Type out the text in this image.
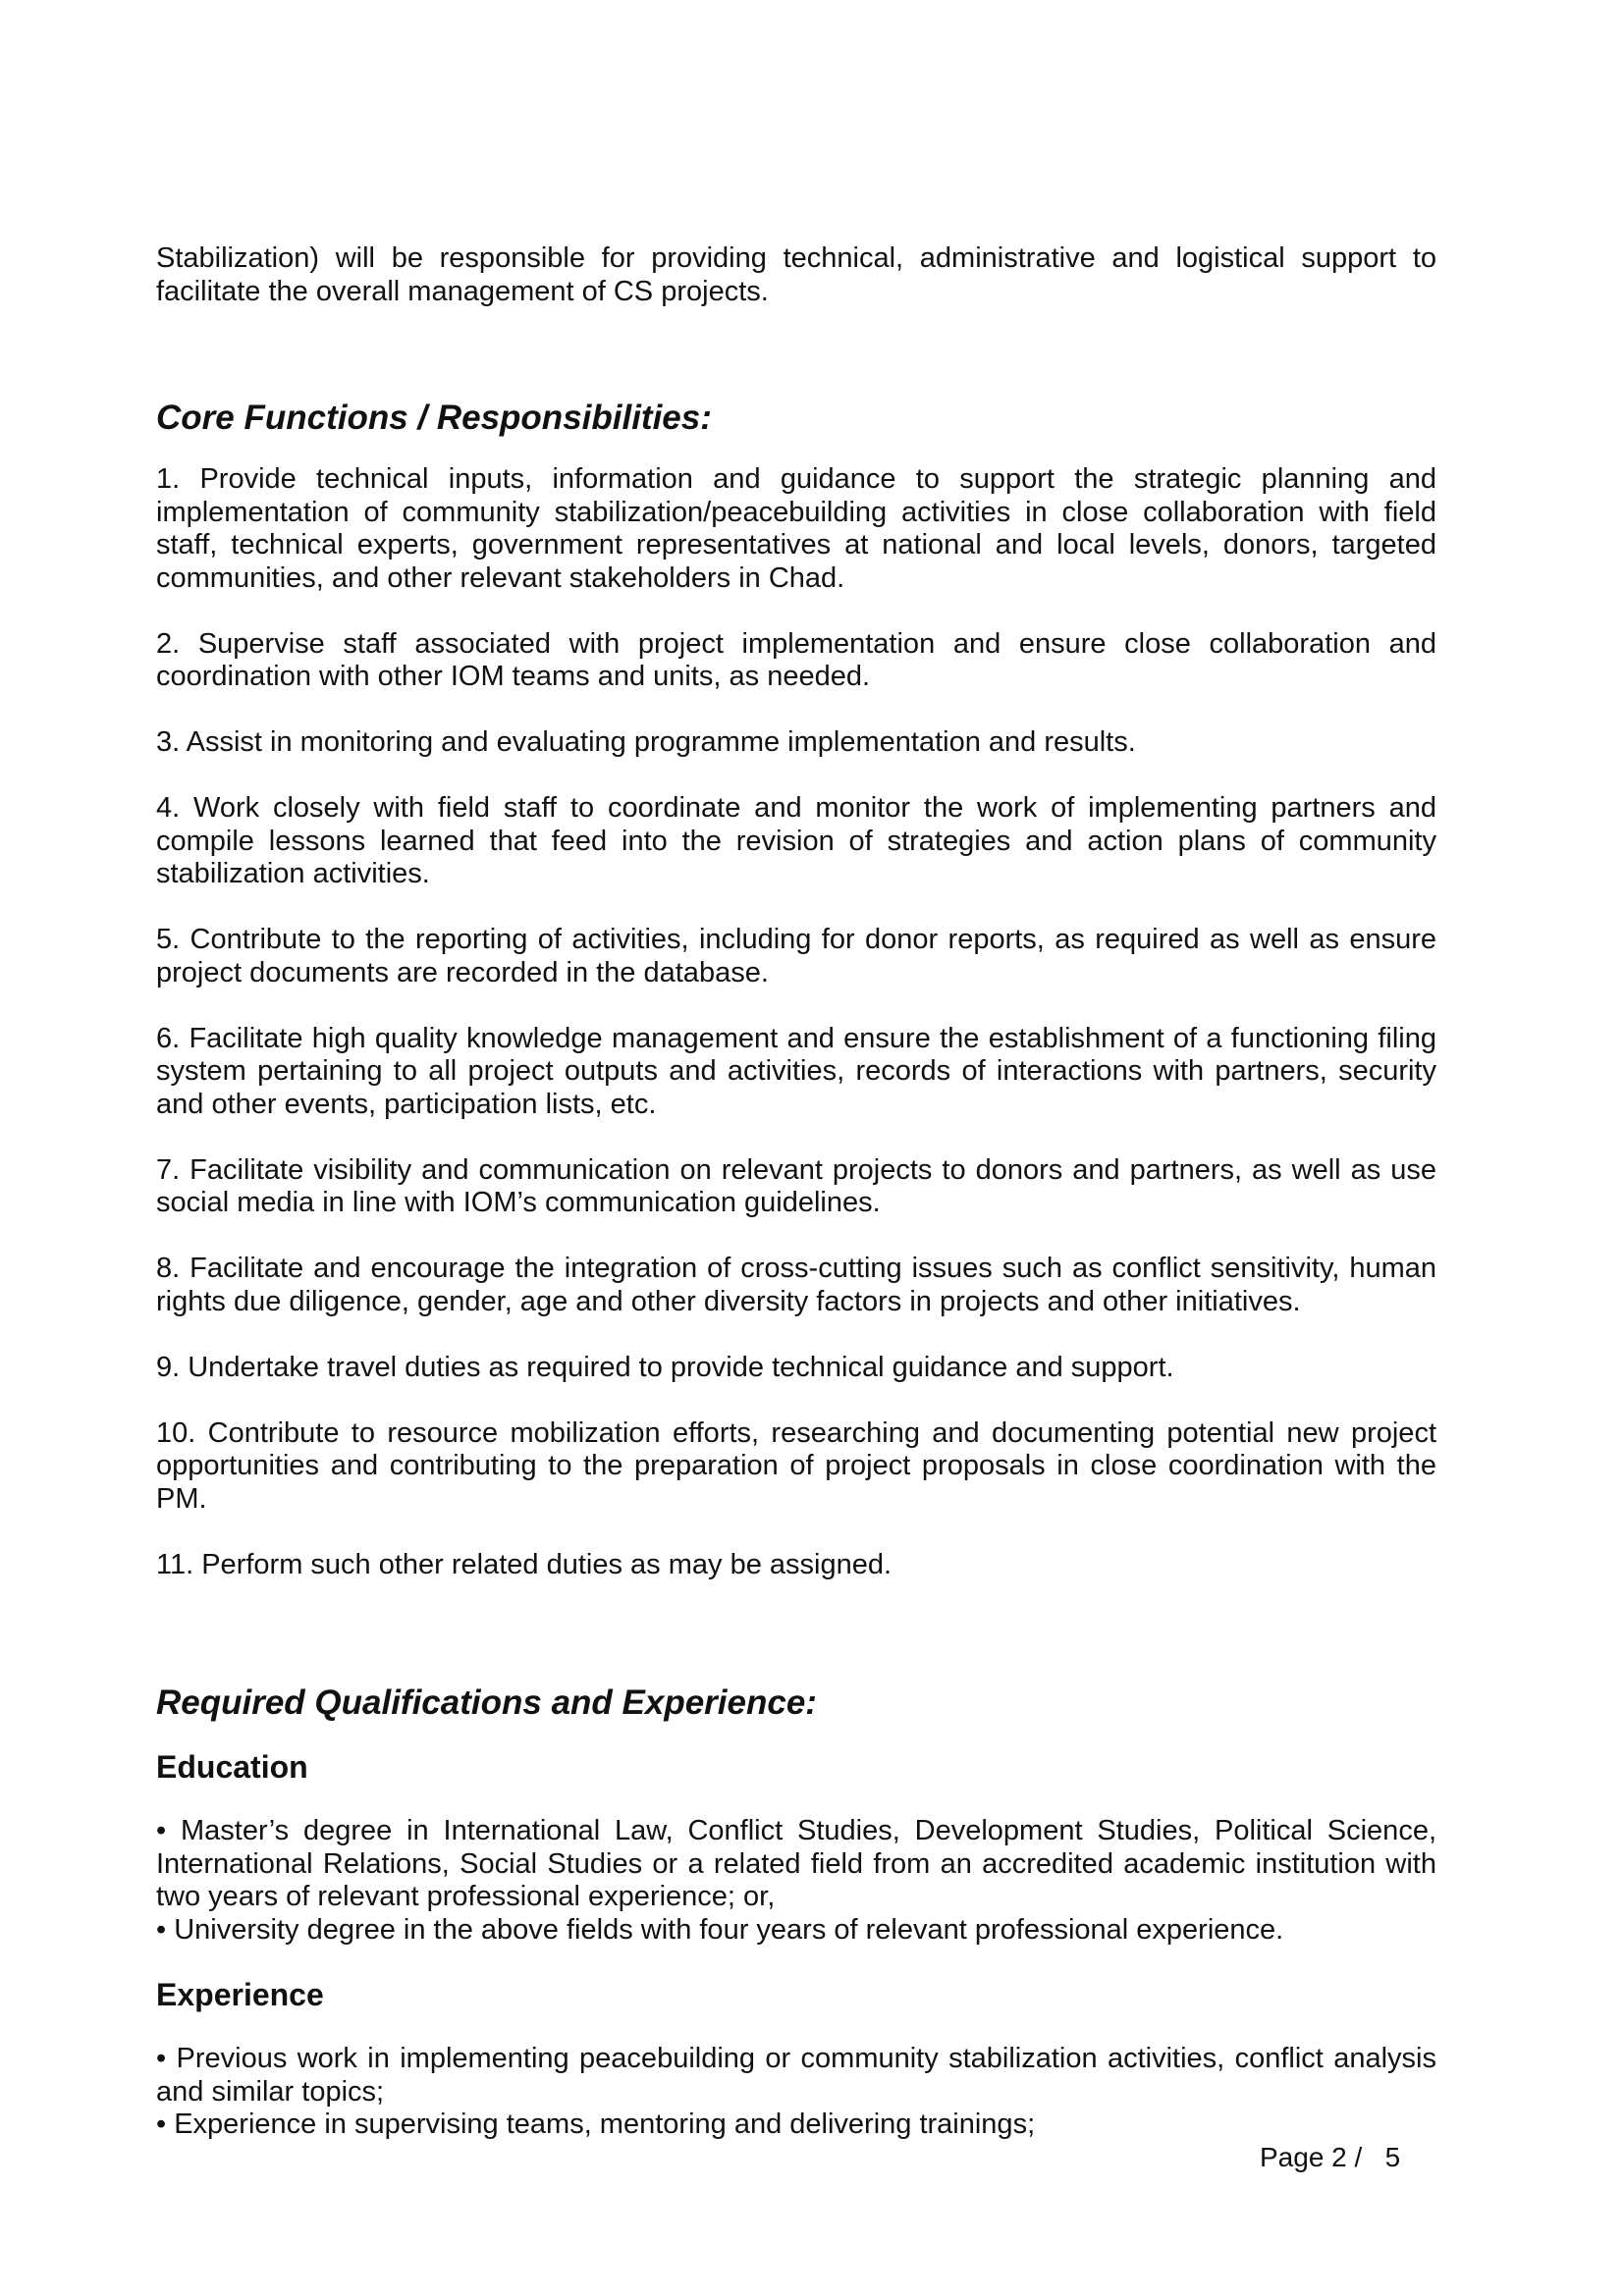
Stabilization) will be responsible for providing technical, administrative and logistical support to facilitate the overall management of CS projects.

Core Functions / Responsibilities:

1. Provide technical inputs, information and guidance to support the strategic planning and implementation of community stabilization/peacebuilding activities in close collaboration with field staff, technical experts, government representatives at national and local levels, donors, targeted communities, and other relevant stakeholders in Chad.

2. Supervise staff associated with project implementation and ensure close collaboration and coordination with other IOM teams and units, as needed.

3. Assist in monitoring and evaluating programme implementation and results.

4. Work closely with field staff to coordinate and monitor the work of implementing partners and compile lessons learned that feed into the revision of strategies and action plans of community stabilization activities.

5. Contribute to the reporting of activities, including for donor reports, as required as well as ensure project documents are recorded in the database.

6. Facilitate high quality knowledge management and ensure the establishment of a functioning filing system pertaining to all project outputs and activities, records of interactions with partners, security and other events, participation lists, etc.

7. Facilitate visibility and communication on relevant projects to donors and partners, as well as use social media in line with IOM’s communication guidelines.

8. Facilitate and encourage the integration of cross-cutting issues such as conflict sensitivity, human rights due diligence, gender, age and other diversity factors in projects and other initiatives.

9. Undertake travel duties as required to provide technical guidance and support.

10. Contribute to resource mobilization efforts, researching and documenting potential new project opportunities and contributing to the preparation of project proposals in close coordination with the PM.

11. Perform such other related duties as may be assigned.

Required Qualifications and Experience:
Education

• Master’s degree in International Law, Conflict Studies, Development Studies, Political Science, International Relations, Social Studies or a related field from an accredited academic institution with two years of relevant professional experience; or,

• University degree in the above fields with four years of relevant professional experience.

Experience

• Previous work in implementing peacebuilding or community stabilization activities, conflict analysis and similar topics;

• Experience in supervising teams, mentoring and delivering trainings;

Page 2 /   5
